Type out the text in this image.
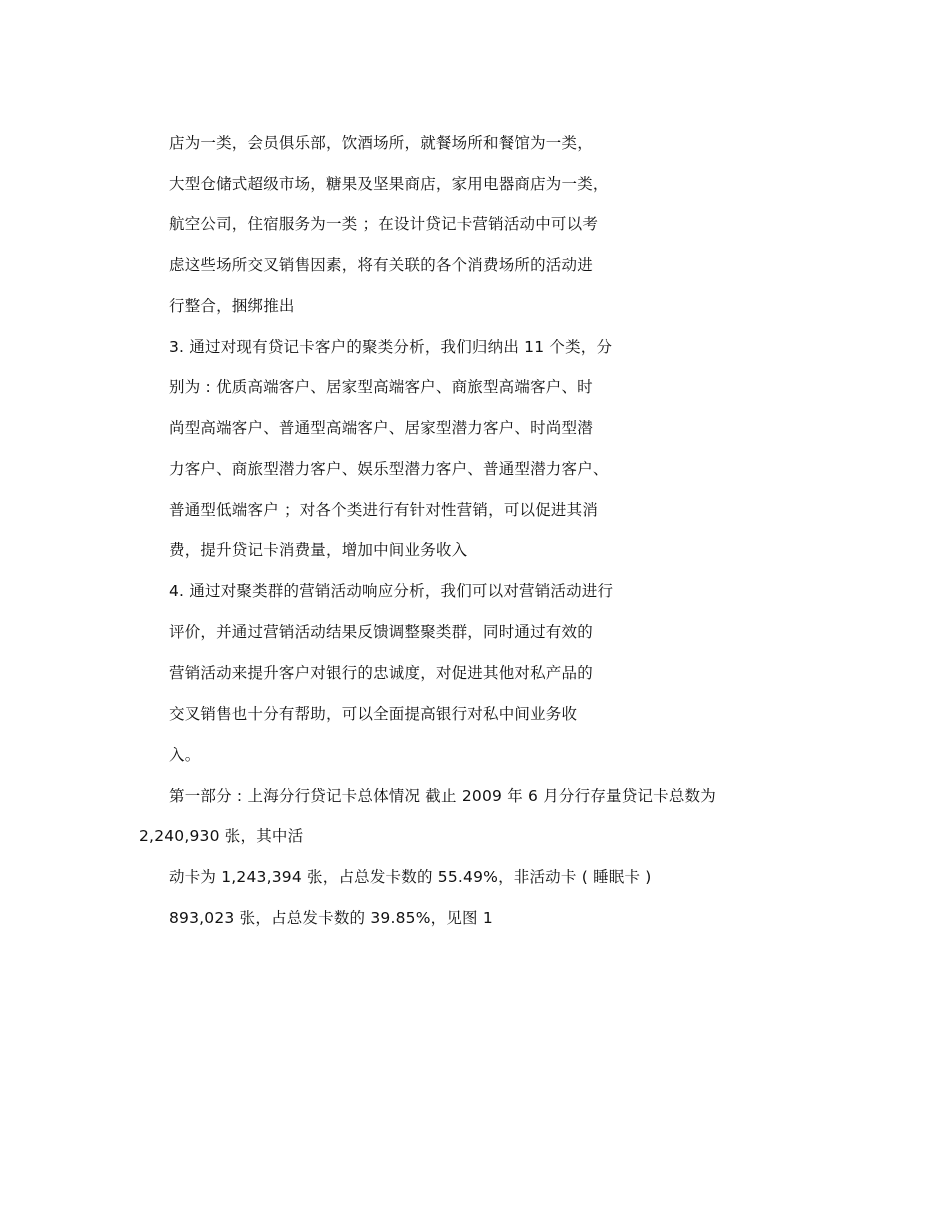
店为一类，会员俱乐部，饮酒场所，就餐场所和餐馆为一类，
大型仓储式超级市场，糖果及坚果商店，家用电器商店为一类，
航空公司，住宿服务为一类 ；在设计贷记卡营销活动中可以考
虑这些场所交叉销售因素，将有关联的各个消费场所的活动进
行整合，捆绑推出
3. 通过对现有贷记卡客户的聚类分析，我们归纳出 11 个类，分
别为 : 优质高端客户、居家型高端客户、商旅型高端客户、时
尚型高端客户、普通型高端客户、居家型潜力客户、时尚型潜
力客户、商旅型潜力客户、娱乐型潜力客户、普通型潜力客户、
普通型低端客户 ；对各个类进行有针对性营销，可以促进其消
费，提升贷记卡消费量，增加中间业务收入
4. 通过对聚类群的营销活动响应分析，我们可以对营销活动进行
评价，并通过营销活动结果反馈调整聚类群，同时通过有效的
营销活动来提升客户对银行的忠诚度，对促进其他对私产品的
交叉销售也十分有帮助，可以全面提高银行对私中间业务收
入。
第一部分 : 上海分行贷记卡总体情况 截止 2009 年 6 月分行存量贷记卡总数为
2,240,930 张，其中活
动卡为 1,243,394 张，占总发卡数的 55.49%，非活动卡 ( 睡眠卡 )
893,023 张，占总发卡数的 39.85%，见图 1
